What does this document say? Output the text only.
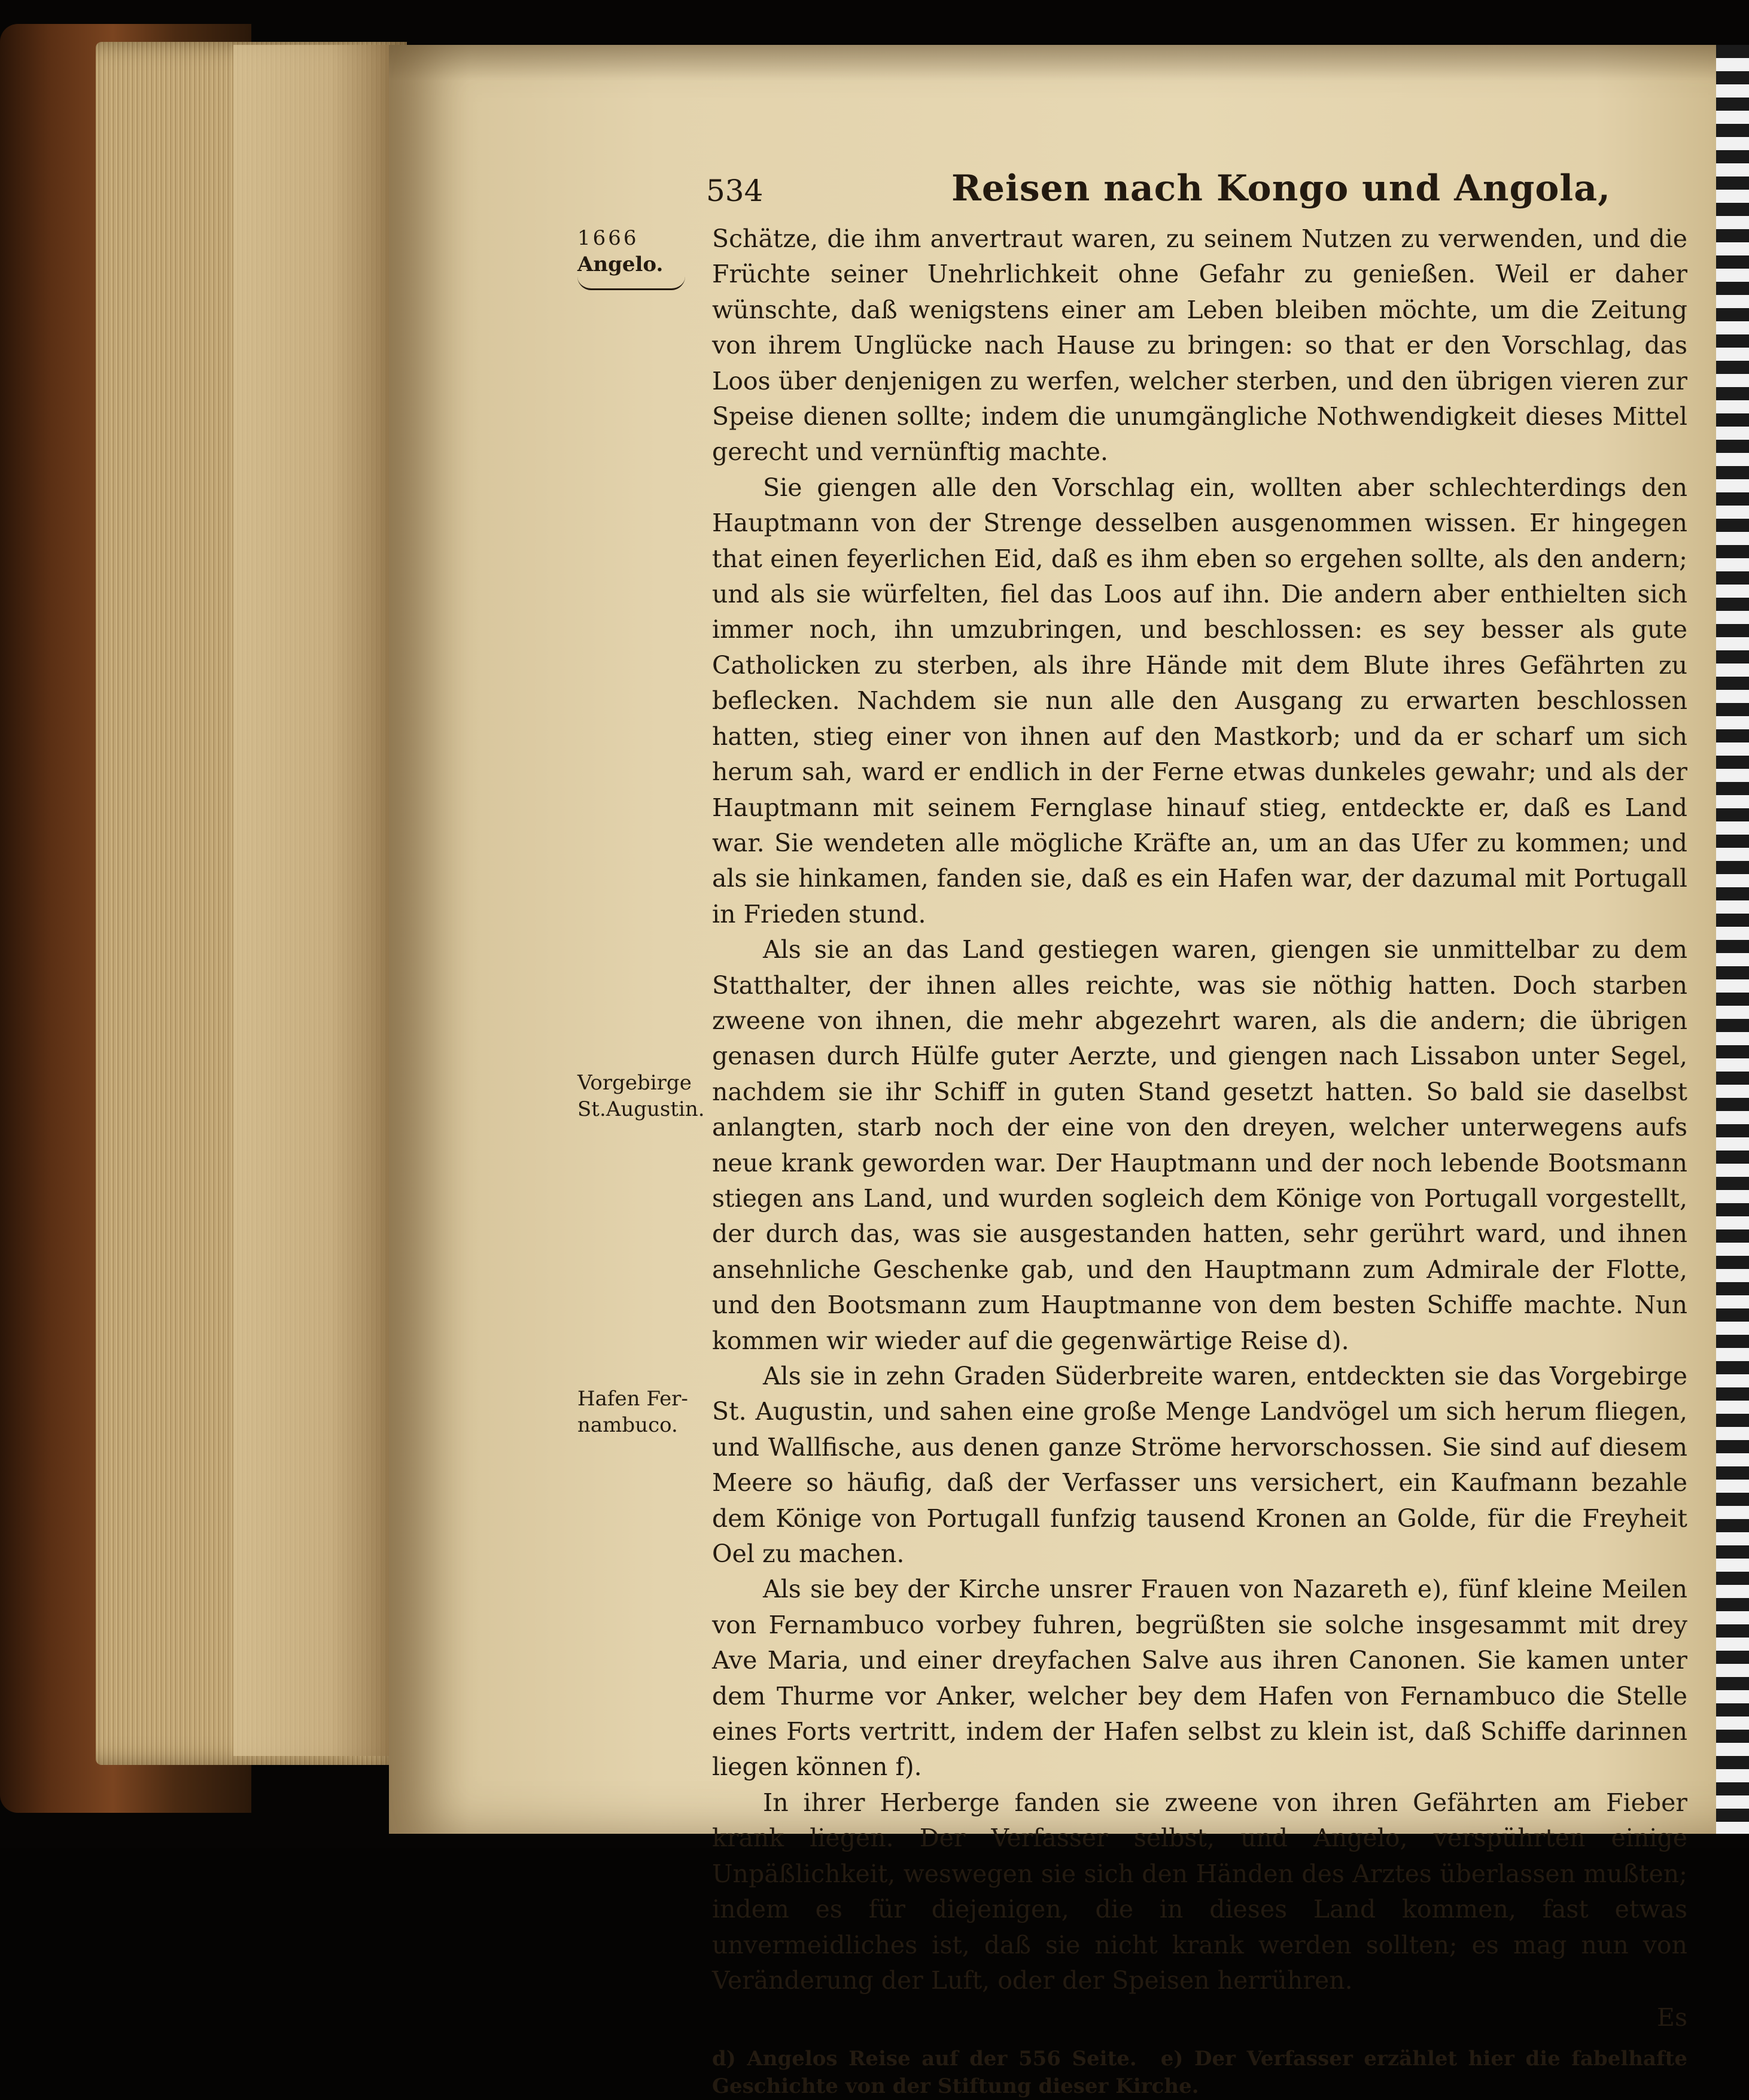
534	Reisen nach Kongo und Angola,
1666
Angelo.
Vorgebirge
St.Augustin.
Hafen Fer-
nambuco.

Schätze, die ihm anvertraut waren, zu seinem Nutzen zu verwenden, und die Früchte seiner Unehrlichkeit ohne Gefahr zu genießen. Weil er daher wünschte, daß wenigstens einer am Leben bleiben möchte, um die Zeitung von ihrem Unglücke nach Hause zu bringen: so that er den Vorschlag, das Loos über denjenigen zu werfen, welcher sterben, und den übrigen vieren zur Speise dienen sollte; indem die unumgängliche Nothwendigkeit dieses Mittel gerecht und vernünftig machte.

Sie giengen alle den Vorschlag ein, wollten aber schlechterdings den Hauptmann von der Strenge desselben ausgenommen wissen. Er hingegen that einen feyerlichen Eid, daß es ihm eben so ergehen sollte, als den andern; und als sie würfelten, fiel das Loos auf ihn. Die andern aber enthielten sich immer noch, ihn umzubringen, und beschlossen: es sey besser als gute Catholicken zu sterben, als ihre Hände mit dem Blute ihres Gefährten zu beflecken. Nachdem sie nun alle den Ausgang zu erwarten beschlossen hatten, stieg einer von ihnen auf den Mastkorb; und da er scharf um sich herum sah, ward er endlich in der Ferne etwas dunkeles gewahr; und als der Hauptmann mit seinem Fernglase hinauf stieg, entdeckte er, daß es Land war. Sie wendeten alle mögliche Kräfte an, um an das Ufer zu kommen; und als sie hinkamen, fanden sie, daß es ein Hafen war, der dazumal mit Portugall in Frieden stund.

Als sie an das Land gestiegen waren, giengen sie unmittelbar zu dem Statthalter, der ihnen alles reichte, was sie nöthig hatten. Doch starben zweene von ihnen, die mehr abgezehrt waren, als die andern; die übrigen genasen durch Hülfe guter Aerzte, und giengen nach Lissabon unter Segel, nachdem sie ihr Schiff in guten Stand gesetzt hatten. So bald sie daselbst anlangten, starb noch der eine von den dreyen, welcher unterwegens aufs neue krank geworden war. Der Hauptmann und der noch lebende Bootsmann stiegen ans Land, und wurden sogleich dem Könige von Portugall vorgestellt, der durch das, was sie ausgestanden hatten, sehr gerührt ward, und ihnen ansehnliche Geschenke gab, und den Hauptmann zum Admirale der Flotte, und den Bootsmann zum Hauptmanne von dem besten Schiffe machte. Nun kommen wir wieder auf die gegenwärtige Reise d).

Als sie in zehn Graden Süderbreite waren, entdeckten sie das Vorgebirge St. Augustin, und sahen eine große Menge Landvögel um sich herum fliegen, und Wallfische, aus denen ganze Ströme hervorschossen. Sie sind auf diesem Meere so häufig, daß der Verfasser uns versichert, ein Kaufmann bezahle dem Könige von Portugall funfzig tausend Kronen an Golde, für die Freyheit Oel zu machen.

Als sie bey der Kirche unsrer Frauen von Nazareth e), fünf kleine Meilen von Fernambuco vorbey fuhren, begrüßten sie solche insgesammt mit drey Ave Maria, und einer dreyfachen Salve aus ihren Canonen. Sie kamen unter dem Thurme vor Anker, welcher bey dem Hafen von Fernambuco die Stelle eines Forts vertritt, indem der Hafen selbst zu klein ist, daß Schiffe darinnen liegen können f).

In ihrer Herberge fanden sie zweene von ihren Gefährten am Fieber krank liegen. Der Verfasser selbst, und Angelo, verspührten einige Unpäßlichkeit, weswegen sie sich den Händen des Arztes überlassen mußten; indem es für diejenigen, die in dieses Land kommen, fast etwas unvermeidliches ist, daß sie nicht krank werden sollten; es mag nun von Veränderung der Luft, oder der Speisen herrühren.

Es
d) Angelos Reise auf der 556 Seite. e) Der Verfasser erzählet hier die fabelhafte Geschichte von der Stiftung dieser Kirche.
